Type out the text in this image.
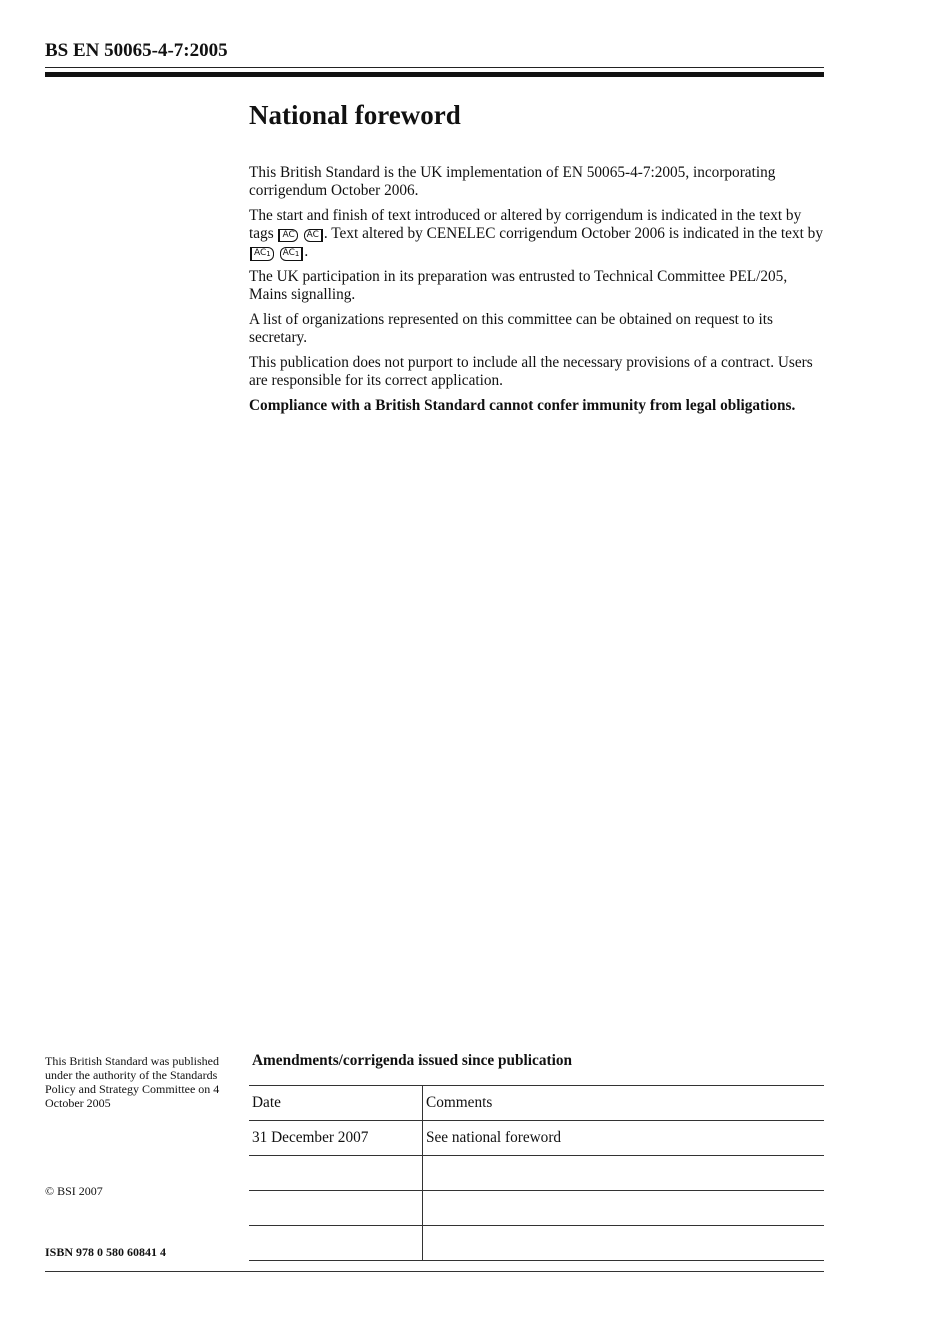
BS EN 50065-4-7:2005
National foreword

This British Standard is the UK implementation of EN 50065-4-7:2005, incorporating corrigendum October 2006.

The start and finish of text introduced or altered by corrigendum is indicated in the text by tags AC AC . Text altered by CENELEC corrigendum October 2006 is indicated in the text by $AC_1$ $AC_1$ .

The UK participation in its preparation was entrusted to Technical Committee PEL/205, Mains signalling.

A list of organizations represented on this committee can be obtained on request to its secretary.

This publication does not purport to include all the necessary provisions of a contract. Users are responsible for its correct application.

Compliance with a British Standard cannot confer immunity from legal obligations.

This British Standard was published under the authority of the Standards Policy and Strategy Committee on 4 October 2005
© BSI 2007
ISBN 978 0 580 60841 4
Amendments/corrigenda issued since publication
Date	Comments
31 December 2007	See national foreword
